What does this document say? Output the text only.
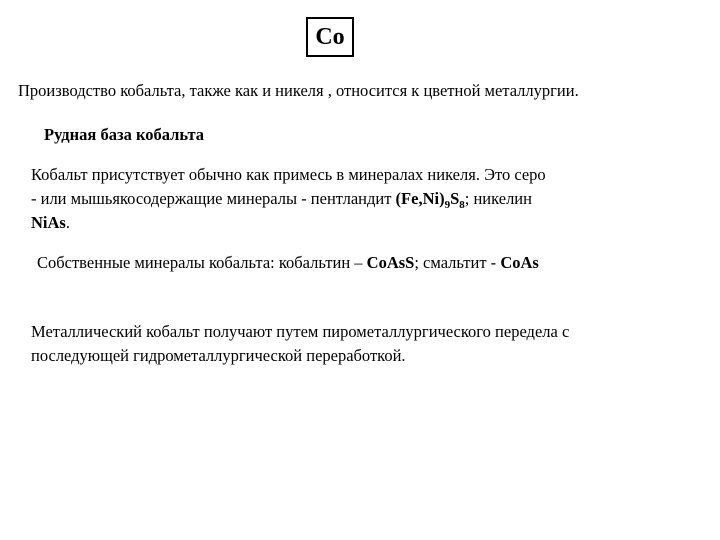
Co
Производство кобальта, также как и никеля , относится к цветной металлургии.
Рудная база кобальта
Кобальт присутствует обычно как примесь в минералах никеля. Это серо
- или мышьякосодержащие минералы - пентландит $(Fe,Ni)_9S_8$; никелин
NiAs.
Собственные минералы кобальта: кобальтин – CoAsS; смальтит - CoAs
Металлический кобальт получают путем пирометаллургического передела с
последующей гидрометаллургической переработкой.
